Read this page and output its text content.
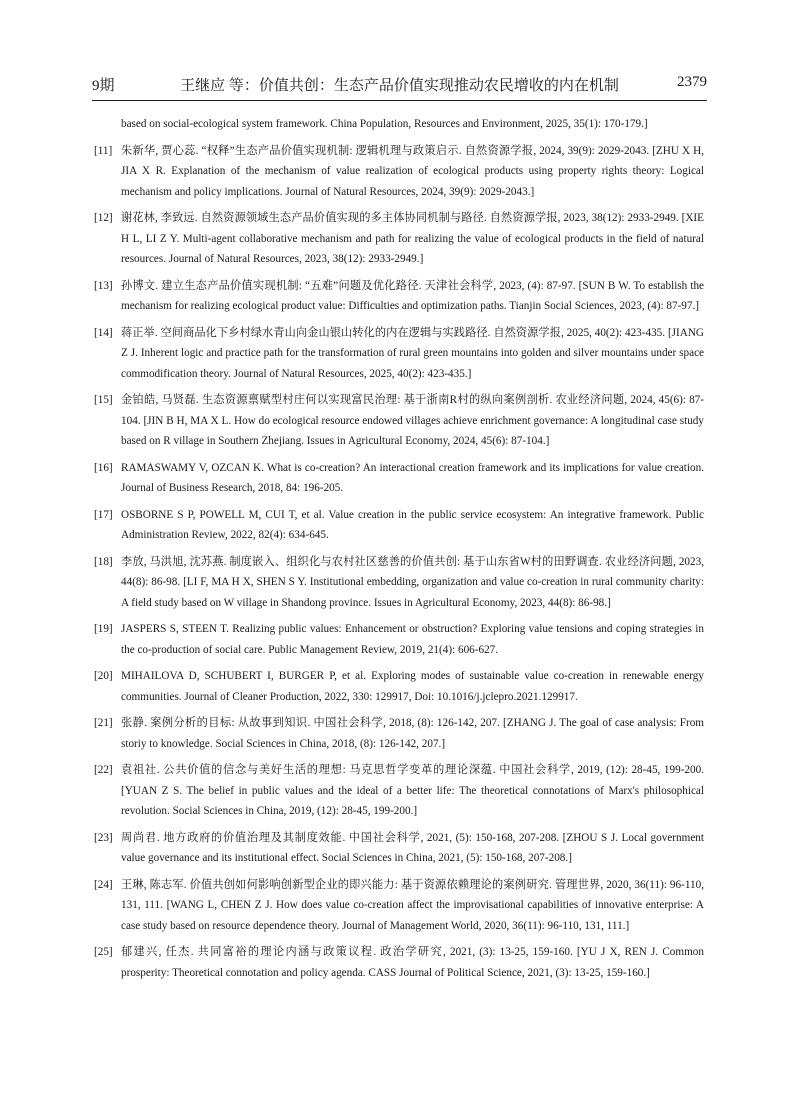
9期	王继应 等：价值共创：生态产品价值实现推动农民增收的内在机制	2379
based on social-ecological system framework. China Population, Resources and Environment, 2025, 35(1): 170-179.]
[11] 朱新华, 贾心蕊. “权释”生态产品价值实现机制: 逻辑机理与政策启示. 自然资源学报, 2024, 39(9): 2029-2043. [ZHU X H, JIA X R. Explanation of the mechanism of value realization of ecological products using property rights theory: Logical mechanism and policy implications. Journal of Natural Resources, 2024, 39(9): 2029-2043.]
[12] 谢花林, 李致远. 自然资源领域生态产品价值实现的多主体协同机制与路径. 自然资源学报, 2023, 38(12): 2933-2949. [XIE H L, LI Z Y. Multi-agent collaborative mechanism and path for realizing the value of ecological products in the field of natural resources. Journal of Natural Resources, 2023, 38(12): 2933-2949.]
[13] 孙博文. 建立生态产品价值实现机制: “五难”问题及优化路径. 天津社会科学, 2023, (4): 87-97. [SUN B W. To establish the mechanism for realizing ecological product value: Difficulties and optimization paths. Tianjin Social Sciences, 2023, (4): 87-97.]
[14] 蒋正举. 空间商品化下乡村绿水青山向金山银山转化的内在逻辑与实践路径. 自然资源学报, 2025, 40(2): 423-435. [JIANG Z J. Inherent logic and practice path for the transformation of rural green mountains into golden and silver mountains under space commodification theory. Journal of Natural Resources, 2025, 40(2): 423-435.]
[15] 金铂皓, 马贤磊. 生态资源禀赋型村庄何以实现富民治理: 基于浙南R村的纵向案例剖析. 农业经济问题, 2024, 45(6): 87-104. [JIN B H, MA X L. How do ecological resource endowed villages achieve enrichment governance: A longitudinal case study based on R village in Southern Zhejiang. Issues in Agricultural Economy, 2024, 45(6): 87-104.]
[16] RAMASWAMY V, OZCAN K. What is co-creation? An interactional creation framework and its implications for value creation. Journal of Business Research, 2018, 84: 196-205.
[17] OSBORNE S P, POWELL M, CUI T, et al. Value creation in the public service ecosystem: An integrative framework. Public Administration Review, 2022, 82(4): 634-645.
[18] 李放, 马洪旭, 沈苏燕. 制度嵌入、组织化与农村社区慈善的价值共创: 基于山东省W村的田野调查. 农业经济问题, 2023, 44(8): 86-98. [LI F, MA H X, SHEN S Y. Institutional embedding, organization and value co-creation in rural community charity: A field study based on W village in Shandong province. Issues in Agricultural Economy, 2023, 44(8): 86-98.]
[19] JASPERS S, STEEN T. Realizing public values: Enhancement or obstruction? Exploring value tensions and coping strategies in the co-production of social care. Public Management Review, 2019, 21(4): 606-627.
[20] MIHAILOVA D, SCHUBERT I, BURGER P, et al. Exploring modes of sustainable value co-creation in renewable energy communities. Journal of Cleaner Production, 2022, 330: 129917, Doi: 10.1016/j.jclepro.2021.129917.
[21] 张静. 案例分析的目标: 从故事到知识. 中国社会科学, 2018, (8): 126-142, 207. [ZHANG J. The goal of case analysis: From storiy to knowledge. Social Sciences in China, 2018, (8): 126-142, 207.]
[22] 袁祖社. 公共价值的信念与美好生活的理想: 马克思哲学变革的理论深蕴. 中国社会科学, 2019, (12): 28-45, 199-200. [YUAN Z S. The belief in public values and the ideal of a better life: The theoretical connotations of Marx's philosophical revolution. Social Sciences in China, 2019, (12): 28-45, 199-200.]
[23] 周尚君. 地方政府的价值治理及其制度效能. 中国社会科学, 2021, (5): 150-168, 207-208. [ZHOU S J. Local government value governance and its institutional effect. Social Sciences in China, 2021, (5): 150-168, 207-208.]
[24] 王琳, 陈志军. 价值共创如何影响创新型企业的即兴能力: 基于资源依赖理论的案例研究. 管理世界, 2020, 36(11): 96-110, 131, 111. [WANG L, CHEN Z J. How does value co-creation affect the improvisational capabilities of innovative enterprise: A case study based on resource dependence theory. Journal of Management World, 2020, 36(11): 96-110, 131, 111.]
[25] 郁建兴, 任杰. 共同富裕的理论内涵与政策议程. 政治学研究, 2021, (3): 13-25, 159-160. [YU J X, REN J. Common prosperity: Theoretical connotation and policy agenda. CASS Journal of Political Science, 2021, (3): 13-25, 159-160.]
